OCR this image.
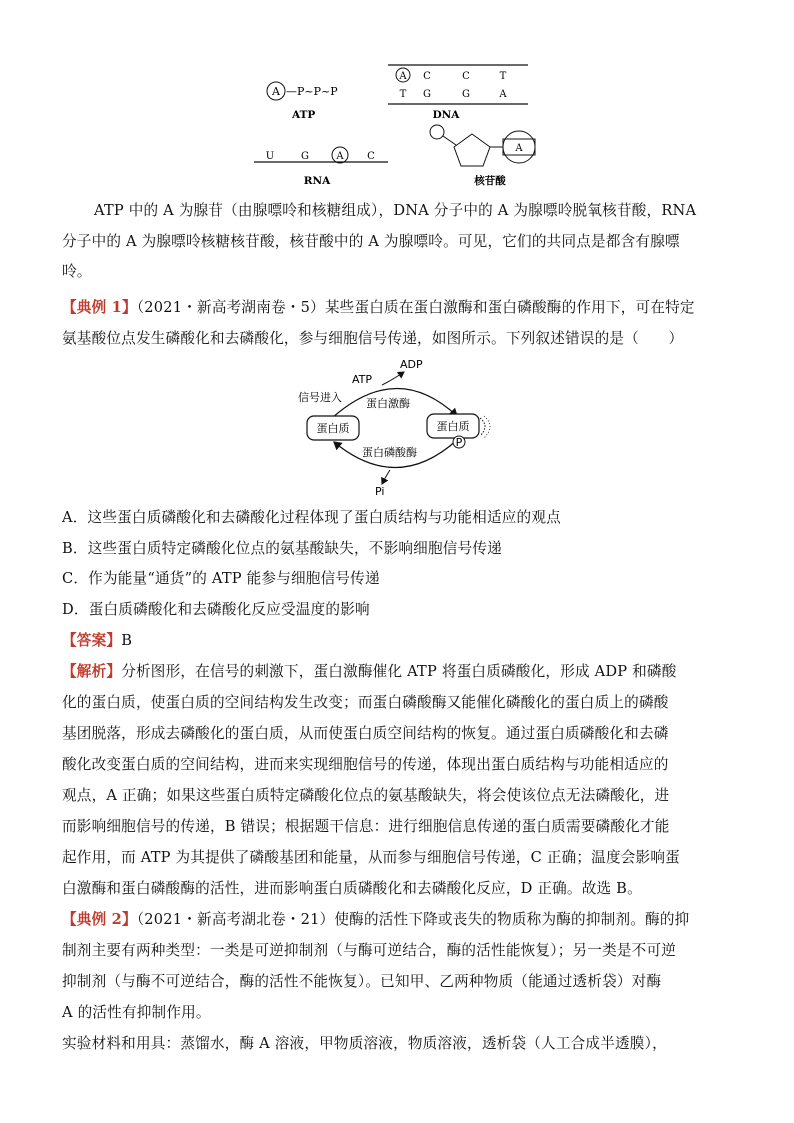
A —P~P~P
ATP
A C	C	T
T G	G	A
DNA
U	G	A C
RNA
A
核苷酸
ATP 中的 A 为腺苷（由腺嘌呤和核糖组成），DNA 分子中的 A 为腺嘌呤脱氧核苷酸，RNA
分子中的 A 为腺嘌呤核糖核苷酸，核苷酸中的 A 为腺嘌呤。可见，它们的共同点是都含有腺嘌
呤。
【典例 1】（2021・新高考湖南卷・5）某些蛋白质在蛋白激酶和蛋白磷酸酶的作用下，可在特定
氨基酸位点发生磷酸化和去磷酸化，参与细胞信号传递，如图所示。下列叙述错误的是（　　）
ADP
ATP
信号进入 蛋白激酶
Pi
蛋白质	蛋白质
P
蛋白磷酸酶
A．这些蛋白质磷酸化和去磷酸化过程体现了蛋白质结构与功能相适应的观点
B．这些蛋白质特定磷酸化位点的氨基酸缺失，不影响细胞信号传递
C．作为能量“通货”的 ATP 能参与细胞信号传递
D．蛋白质磷酸化和去磷酸化反应受温度的影响
【答案】B
【解析】分析图形，在信号的刺激下，蛋白激酶催化 ATP 将蛋白质磷酸化，形成 ADP 和磷酸
化的蛋白质，使蛋白质的空间结构发生改变；而蛋白磷酸酶又能催化磷酸化的蛋白质上的磷酸
基团脱落，形成去磷酸化的蛋白质，从而使蛋白质空间结构的恢复。通过蛋白质磷酸化和去磷
酸化改变蛋白质的空间结构，进而来实现细胞信号的传递，体现出蛋白质结构与功能相适应的
观点，A 正确；如果这些蛋白质特定磷酸化位点的氨基酸缺失，将会使该位点无法磷酸化，进
而影响细胞信号的传递，B 错误；根据题干信息：进行细胞信息传递的蛋白质需要磷酸化才能
起作用，而 ATP 为其提供了磷酸基团和能量，从而参与细胞信号传递，C 正确；温度会影响蛋
白激酶和蛋白磷酸酶的活性，进而影响蛋白质磷酸化和去磷酸化反应，D 正确。故选 B。
【典例 2】（2021・新高考湖北卷・21）使酶的活性下降或丧失的物质称为酶的抑制剂。酶的抑
制剂主要有两种类型：一类是可逆抑制剂（与酶可逆结合，酶的活性能恢复）；另一类是不可逆
抑制剂（与酶不可逆结合，酶的活性不能恢复）。已知甲、乙两种物质（能通过透析袋）对酶
A 的活性有抑制作用。
实验材料和用具：蒸馏水，酶 A 溶液，甲物质溶液，物质溶液，透析袋（人工合成半透膜），
